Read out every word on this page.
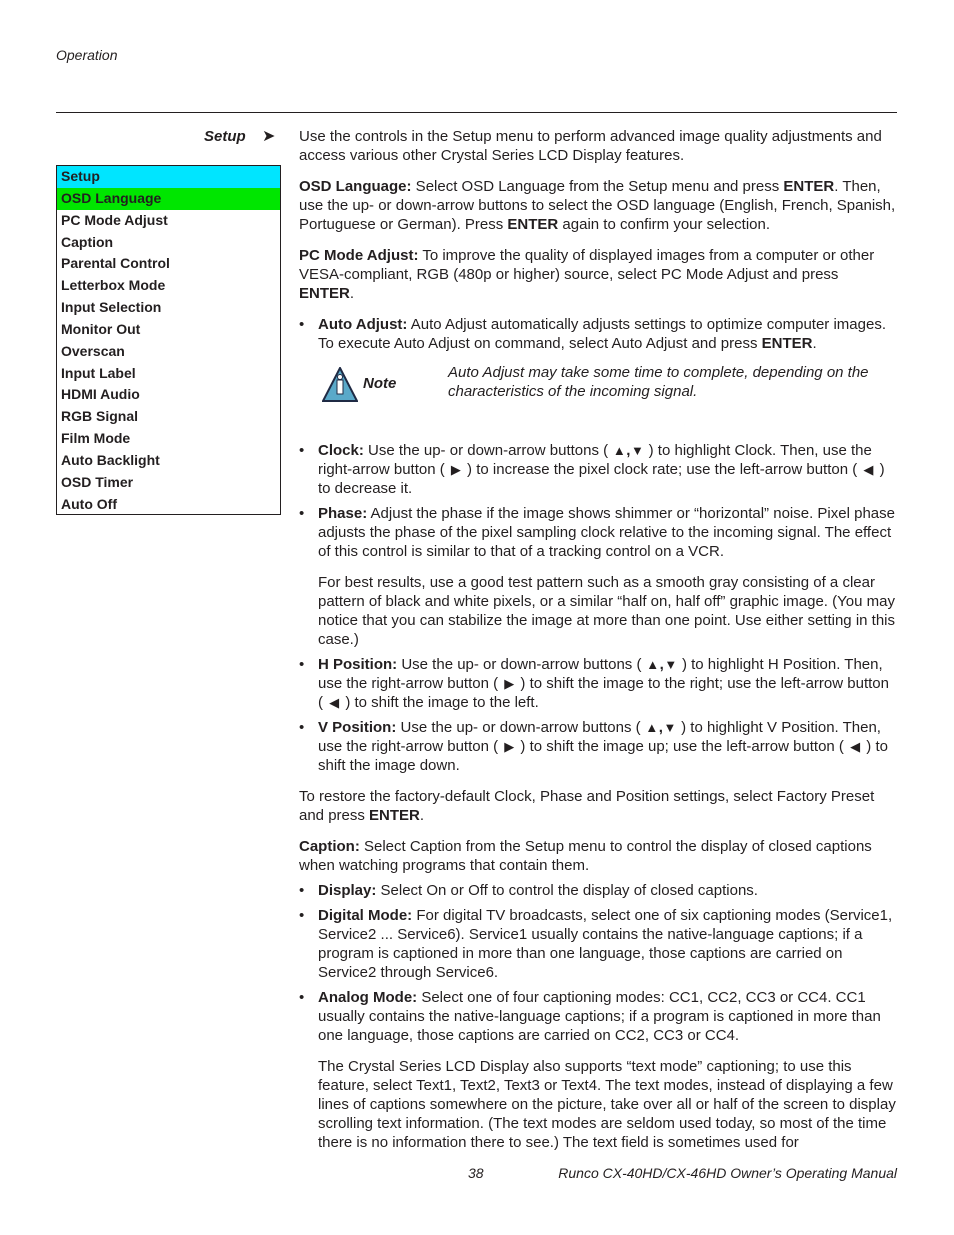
Operation
Setup ➤
Setup
OSD Language
PC Mode Adjust
Caption
Parental Control
Letterbox Mode
Input Selection
Monitor Out
Overscan
Input Label
HDMI Audio
RGB Signal
Film Mode
Auto Backlight
OSD Timer
Auto Off

Use the controls in the Setup menu to perform advanced image quality adjustments and access various other Crystal Series LCD Display features.

OSD Language: Select OSD Language from the Setup menu and press ENTER. Then, use the up- or down-arrow buttons to select the OSD language (English, French, Spanish, Portuguese or German). Press ENTER again to confirm your selection.

PC Mode Adjust: To improve the quality of displayed images from a computer or other VESA-compliant, RGB (480p or higher) source, select PC Mode Adjust and press ENTER.

• Auto Adjust: Auto Adjust automatically adjusts settings to optimize computer images. To execute Auto Adjust on command, select Auto Adjust and press ENTER.

Note
Auto Adjust may take some time to complete, depending on the characteristics of the incoming signal.

• Clock: Use the up- or down-arrow buttons ( ▲,▼ ) to highlight Clock. Then, use the right-arrow button ( ▶ ) to increase the pixel clock rate; use the left-arrow button ( ◀ ) to decrease it.

• Phase: Adjust the phase if the image shows shimmer or “horizontal” noise. Pixel phase adjusts the phase of the pixel sampling clock relative to the incoming signal. The effect of this control is similar to that of a tracking control on a VCR.

For best results, use a good test pattern such as a smooth gray consisting of a clear pattern of black and white pixels, or a similar “half on, half off” graphic image. (You may notice that you can stabilize the image at more than one point. Use either setting in this case.)

• H Position: Use the up- or down-arrow buttons ( ▲,▼ ) to highlight H Position. Then, use the right-arrow button ( ▶ ) to shift the image to the right; use the left-arrow button ( ◀ ) to shift the image to the left.

• V Position: Use the up- or down-arrow buttons ( ▲,▼ ) to highlight V Position. Then, use the right-arrow button ( ▶ ) to shift the image up; use the left-arrow button ( ◀ ) to shift the image down.

To restore the factory-default Clock, Phase and Position settings, select Factory Preset and press ENTER.

Caption: Select Caption from the Setup menu to control the display of closed captions when watching programs that contain them.

• Display: Select On or Off to control the display of closed captions.

• Digital Mode: For digital TV broadcasts, select one of six captioning modes (Service1, Service2 ... Service6). Service1 usually contains the native-language captions; if a program is captioned in more than one language, those captions are carried on Service2 through Service6.

• Analog Mode: Select one of four captioning modes: CC1, CC2, CC3 or CC4. CC1 usually contains the native-language captions; if a program is captioned in more than one language, those captions are carried on CC2, CC3 or CC4.

The Crystal Series LCD Display also supports “text mode” captioning; to use this feature, select Text1, Text2, Text3 or Text4. The text modes, instead of displaying a few lines of captions somewhere on the picture, take over all or half of the screen to display scrolling text information. (The text modes are seldom used today, so most of the time there is no information there to see.) The text field is sometimes used for

38	Runco CX-40HD/CX-46HD Owner’s Operating Manual
